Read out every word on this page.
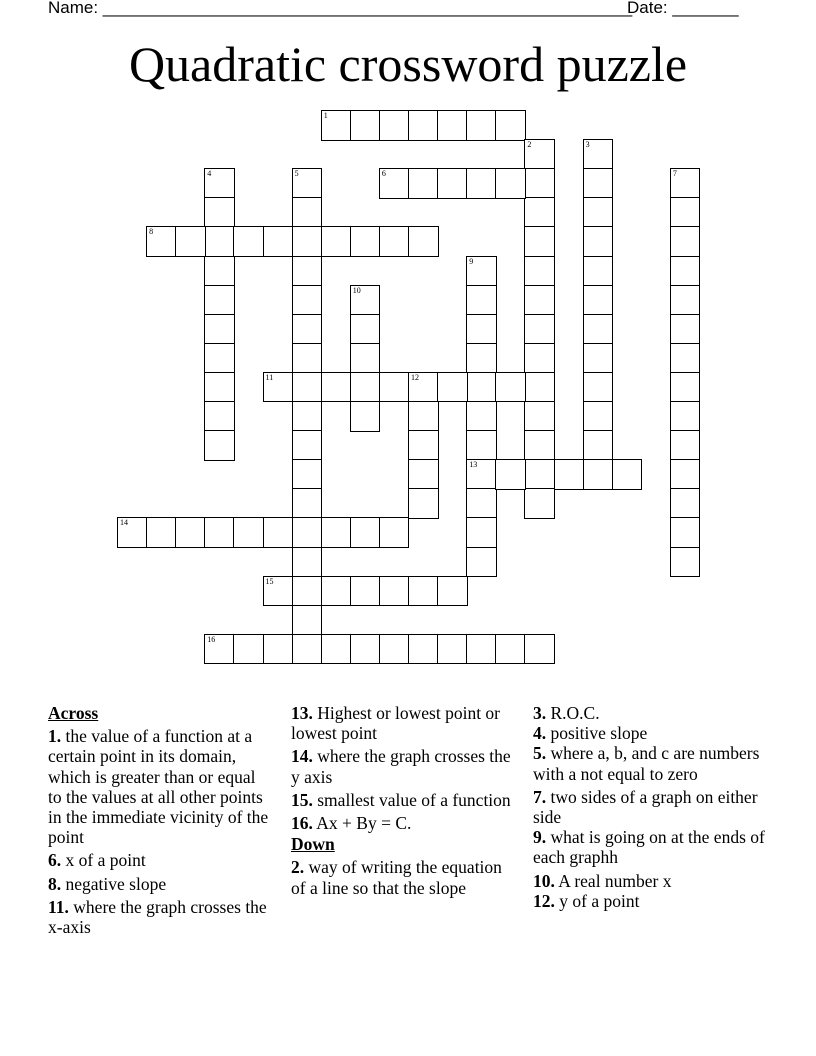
Name: ________________________________________________________
Date: _______
Quadratic crossword puzzle
1
2	3
4	5	6	7
8
9
13
10
11	12
14
15
16
Across
1. the value of a function at a certain point in its domain, which is greater than or equal to the values at all other points in the immediate vicinity of the point
6. x of a point
8. negative slope
11. where the graph crosses the x-axis
13. Highest or lowest point or lowest point
14. where the graph crosses the y axis
15. smallest value of a function
16. Ax + By = C.
Down
2. way of writing the equation of a line so that the slope
3. R.O.C.
4. positive slope
5. where a, b, and c are numbers with a not equal to zero
7. two sides of a graph on either side
9. what is going on at the ends of each graphh
10. A real number x
12. y of a point
